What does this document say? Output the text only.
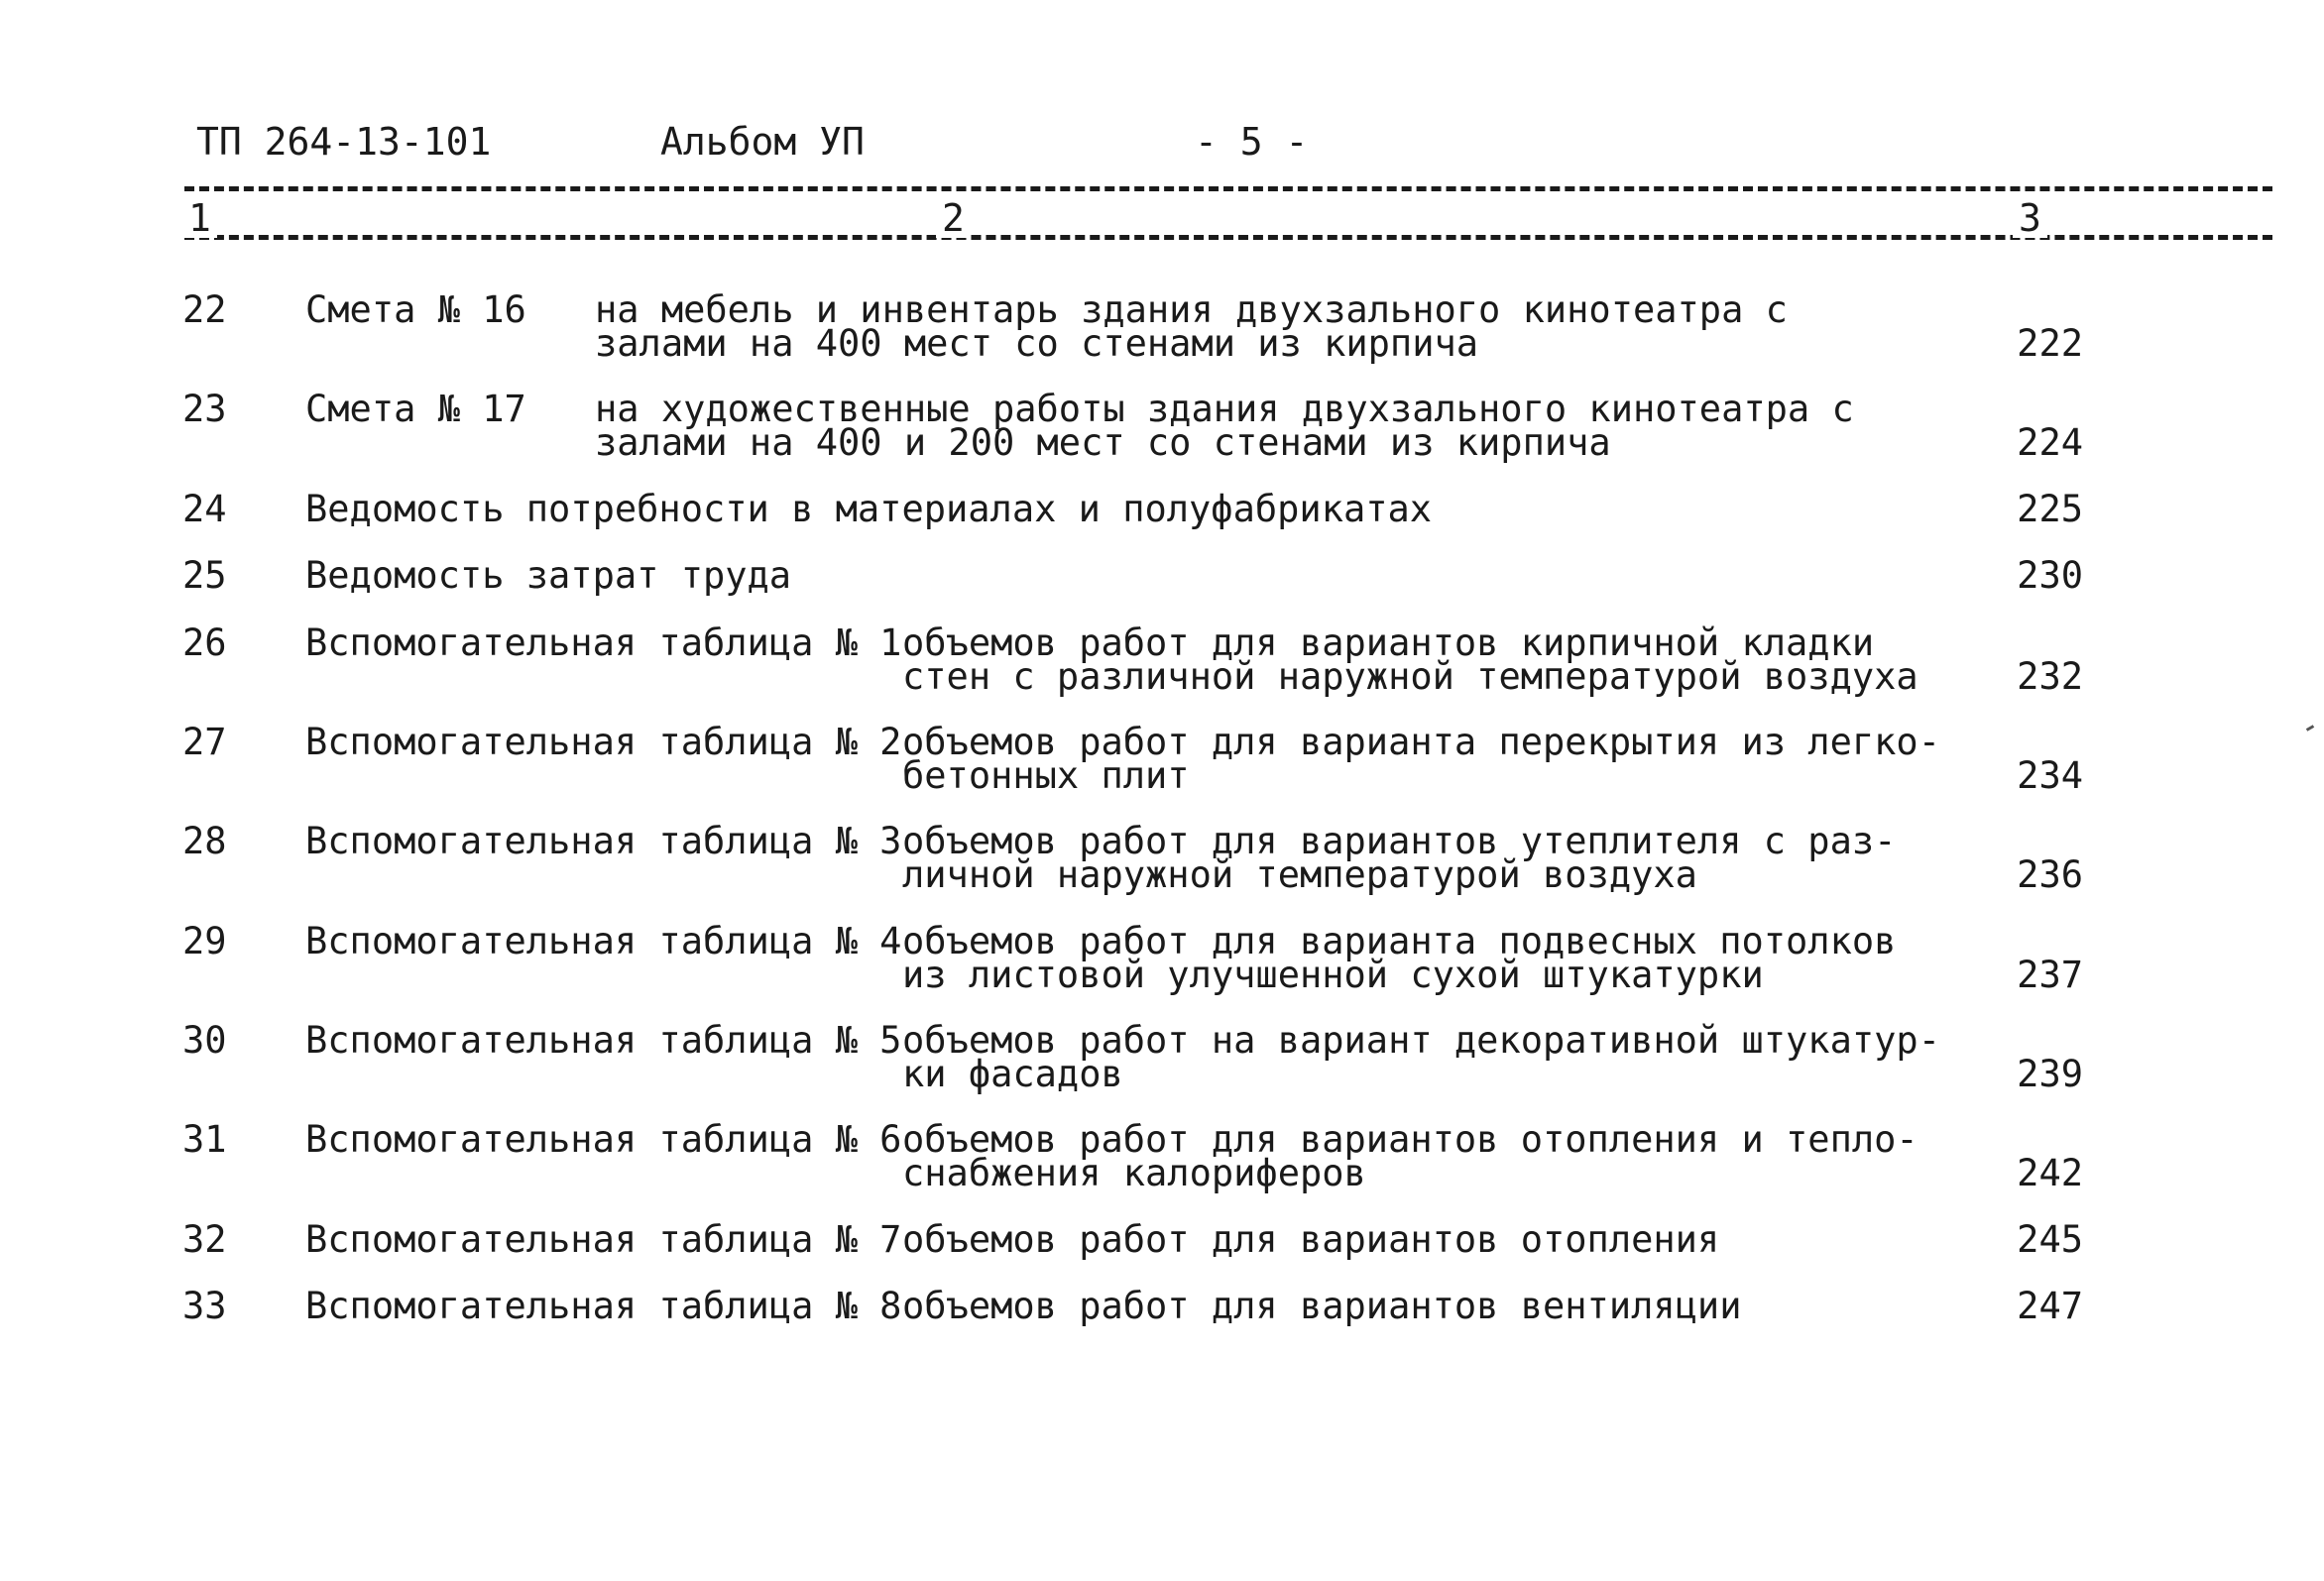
ТП 264-13-101	Альбом УП	- 5 -
1	2	3
22 Смета № 16 на мебель и инвентарь здания двухзального кинотеатра с
залами на 400 мест со стенами из кирпича	222
23 Смета № 17 на художественные работы здания двухзального кинотеатра с
залами на 400 и 200 мест со стенами из кирпича	224
24 Ведомость потребности в материалах и полуфабрикатах	225
25 Ведомость затрат труда	230
26 Вспомогательная таблица № 1 объемов работ для вариантов кирпичной кладки
стен с различной наружной температурой воздуха	232
27 Вспомогательная таблица № 2 объемов работ для варианта перекрытия из легко-
бетонных плит	234
28 Вспомогательная таблица № 3 объемов работ для вариантов утеплителя с раз-
личной наружной температурой воздуха	236
29 Вспомогательная таблица № 4 объемов работ для варианта подвесных потолков
из листовой улучшенной сухой штукатурки	237
30 Вспомогательная таблица № 5 объемов работ на вариант декоративной штукатур-
ки фасадов	239
31 Вспомогательная таблица № 6 объемов работ для вариантов отопления и тепло-
снабжения калориферов	242
32 Вспомогательная таблица № 7 объемов работ для вариантов отопления	245
33 Вспомогательная таблица № 8 объемов работ для вариантов вентиляции	247
